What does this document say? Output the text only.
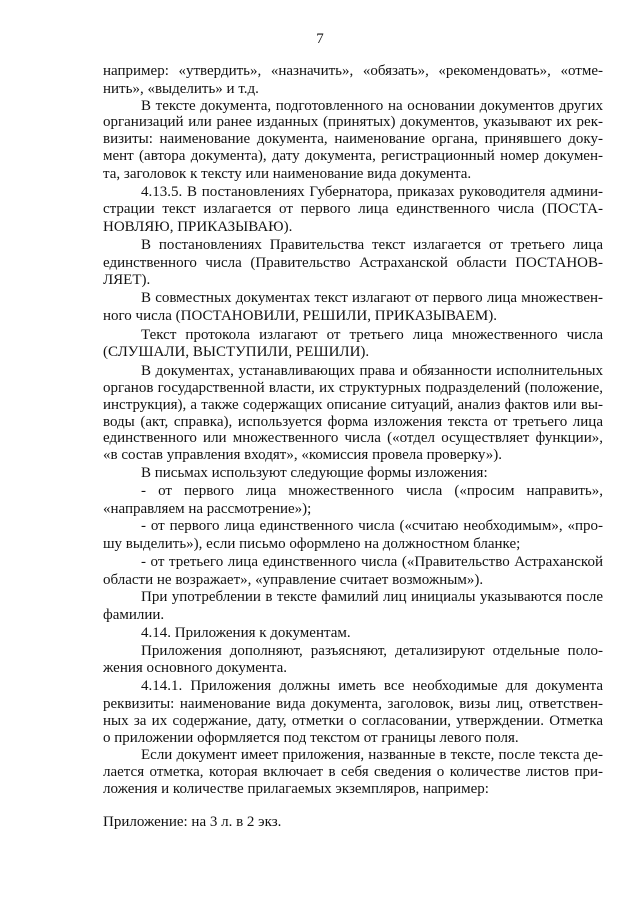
7
например: «утвердить», «назначить», «обязать», «рекомендовать», «отме-
нить», «выделить» и т.д.
В тексте документа, подготовленного на основании документов других
организаций или ранее изданных (принятых) документов, указывают их рек-
визиты: наименование документа, наименование органа, принявшего доку-
мент (автора документа), дату документа, регистрационный номер докумен-
та, заголовок к тексту или наименование вида документа.
4.13.5. В постановлениях Губернатора, приказах руководителя админи-
страции текст излагается от первого лица единственного числа (ПОСТА-
НОВЛЯЮ, ПРИКАЗЫВАЮ).
В постановлениях Правительства текст излагается от третьего лица
единственного числа (Правительство Астраханской области ПОСТАНОВ-
ЛЯЕТ).
В совместных документах текст излагают от первого лица множествен-
ного числа (ПОСТАНОВИЛИ, РЕШИЛИ, ПРИКАЗЫВАЕМ).
Текст протокола излагают от третьего лица множественного числа
(СЛУШАЛИ, ВЫСТУПИЛИ, РЕШИЛИ).
В документах, устанавливающих права и обязанности исполнительных
органов государственной власти, их структурных подразделений (положение,
инструкция), а также содержащих описание ситуаций, анализ фактов или вы-
воды (акт, справка), используется форма изложения текста от третьего лица
единственного или множественного числа («отдел осуществляет функции»,
«в состав управления входят», «комиссия провела проверку»).
В письмах используют следующие формы изложения:
- от первого лица множественного числа («просим направить»,
«направляем на рассмотрение»);
- от первого лица единственного числа («считаю необходимым», «про-
шу выделить»), если письмо оформлено на должностном бланке;
- от третьего лица единственного числа («Правительство Астраханской
области не возражает», «управление считает возможным»).
При употреблении в тексте фамилий лиц инициалы указываются после
фамилии.
4.14. Приложения к документам.
Приложения дополняют, разъясняют, детализируют отдельные поло-
жения основного документа.
4.14.1. Приложения должны иметь все необходимые для документа
реквизиты: наименование вида документа, заголовок, визы лиц, ответствен-
ных за их содержание, дату, отметки о согласовании, утверждении. Отметка
о приложении оформляется под текстом от границы левого поля.
Если документ имеет приложения, названные в тексте, после текста де-
лается отметка, которая включает в себя сведения о количестве листов при-
ложения и количестве прилагаемых экземпляров, например:
Приложение: на 3 л. в 2 экз.
